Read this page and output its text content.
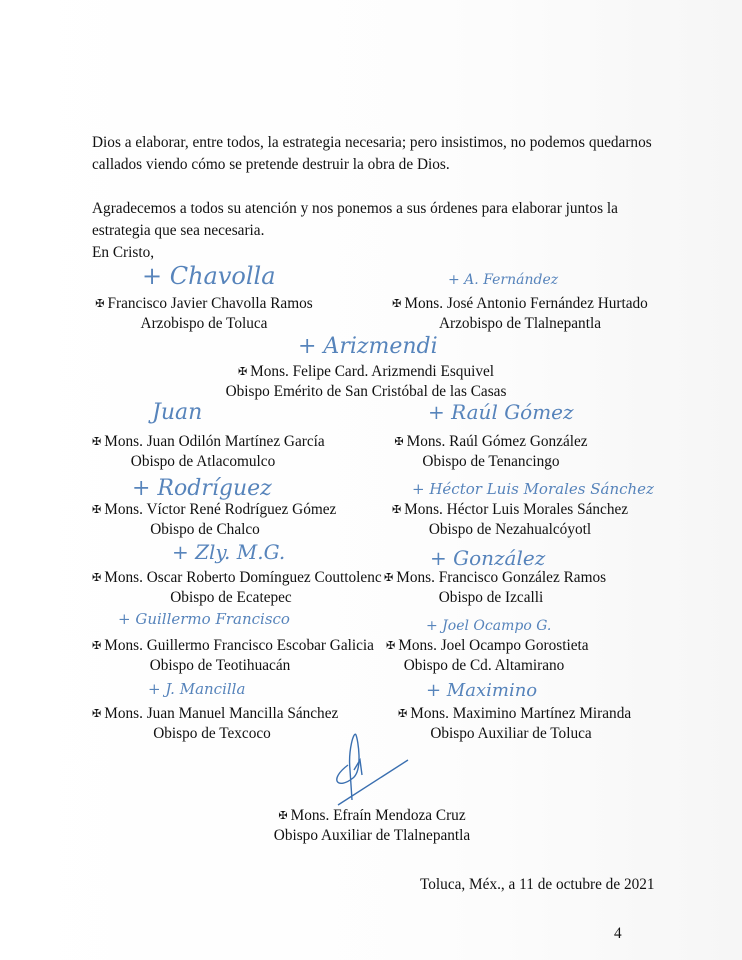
Dios a elaborar, entre todos, la estrategia necesaria; pero insistimos, no podemos quedarnos callados viendo cómo se pretende destruir la obra de Dios.

Agradecemos a todos su atención y nos ponemos a sus órdenes para elaborar juntos la estrategia que sea necesaria.

En Cristo,

+ Chavolla
✠ Francisco Javier Chavolla Ramos
Arzobispo de Toluca
+ A. Fernández
✠ Mons. José Antonio Fernández Hurtado
Arzobispo de Tlalnepantla
+ Arizmendi
✠ Mons. Felipe Card. Arizmendi Esquivel
Obispo Emérito de San Cristóbal de las Casas
Juan
✠ Mons. Juan Odilón Martínez García
Obispo de Atlacomulco
+ Raúl Gómez
✠ Mons. Raúl Gómez González
Obispo de Tenancingo
+ Rodríguez
✠ Mons. Víctor René Rodríguez Gómez
Obispo de Chalco
+ Héctor Luis Morales Sánchez
✠ Mons. Héctor Luis Morales Sánchez
Obispo de Nezahualcóyotl
+ Zly. M.G.
✠ Mons. Oscar Roberto Domínguez Couttolenc
Obispo de Ecatepec
+ González
✠ Mons. Francisco González Ramos
Obispo de Izcalli
+ Guillermo Francisco
✠ Mons. Guillermo Francisco Escobar Galicia
Obispo de Teotihuacán
+ Joel Ocampo G.
✠ Mons. Joel Ocampo Gorostieta
Obispo de Cd. Altamirano
+ J. Mancilla
✠ Mons. Juan Manuel Mancilla Sánchez
Obispo de Texcoco
+ Maximino
✠ Mons. Maximino Martínez Miranda
Obispo Auxiliar de Toluca
✠ Mons. Efraín Mendoza Cruz
Obispo Auxiliar de Tlalnepantla
Toluca, Méx., a 11 de octubre de 2021
4
